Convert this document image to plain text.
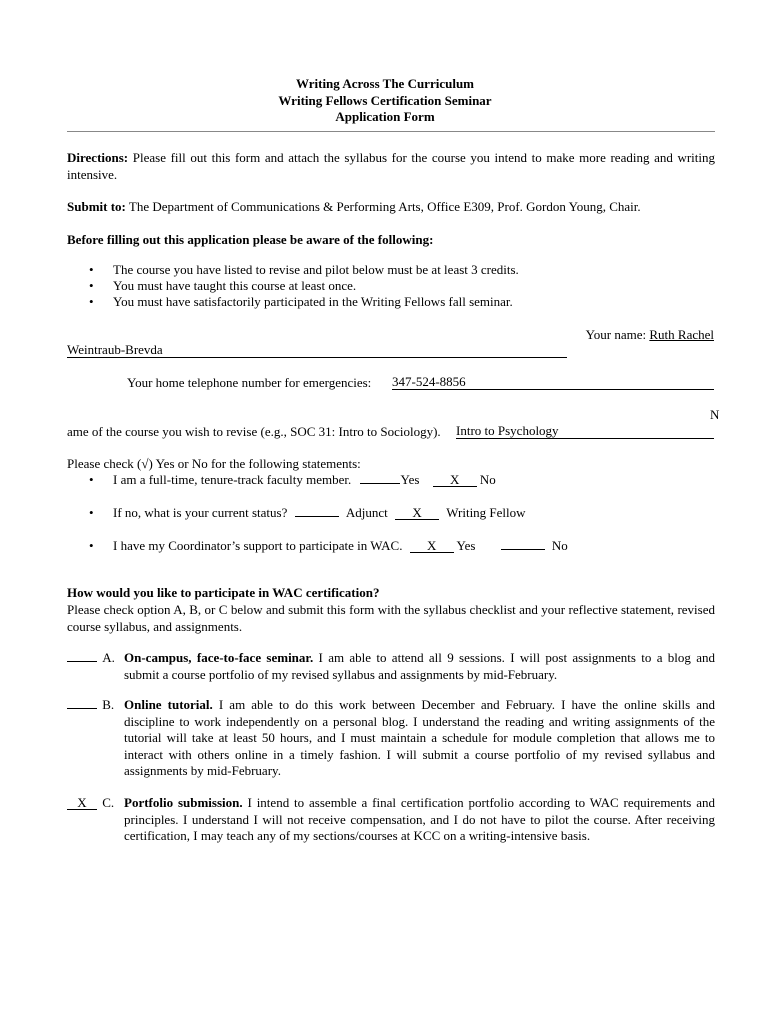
Writing Across The Curriculum
Writing Fellows Certification Seminar
Application Form
Directions: Please fill out this form and attach the syllabus for the course you intend to make more reading and writing intensive.
Submit to: The Department of Communications & Performing Arts, Office E309, Prof. Gordon Young, Chair.
Before filling out this application please be aware of the following:
• The course you have listed to revise and pilot below must be at least 3 credits.
• You must have taught this course at least once.
• You must have satisfactorily participated in the Writing Fellows fall seminar.
Your name: Ruth Rachel
Weintraub-Brevda
Your home telephone number for emergencies: 347-524-8856
N
ame of the course you wish to revise (e.g., SOC 31: Intro to Sociology). Intro to Psychology
Please check (√) Yes or No for the following statements:
• I am a full-time, tenure-track faculty member.	Yes X No
• If no, what is your current status?	Adjunct X Writing Fellow
• I have my Coordinator’s support to participate in WAC. X Yes	No
How would you like to participate in WAC certification?
Please check option A, B, or C below and submit this form with the syllabus checklist and your reflective statement, revised course syllabus, and assignments.
A. On-campus, face-to-face seminar. I am able to attend all 9 sessions. I will post assignments to a blog and submit a course portfolio of my revised syllabus and assignments by mid-February.
B. Online tutorial. I am able to do this work between December and February. I have the online skills and discipline to work independently on a personal blog. I understand the reading and writing assignments of the tutorial will take at least 50 hours, and I must maintain a schedule for module completion that allows me to interact with others online in a timely fashion. I will submit a course portfolio of my revised syllabus and assignments by mid-February.
X C. Portfolio submission. I intend to assemble a final certification portfolio according to WAC requirements and principles. I understand I will not receive compensation, and I do not have to pilot the course. After receiving certification, I may teach any of my sections/courses at KCC on a writing-intensive basis.
